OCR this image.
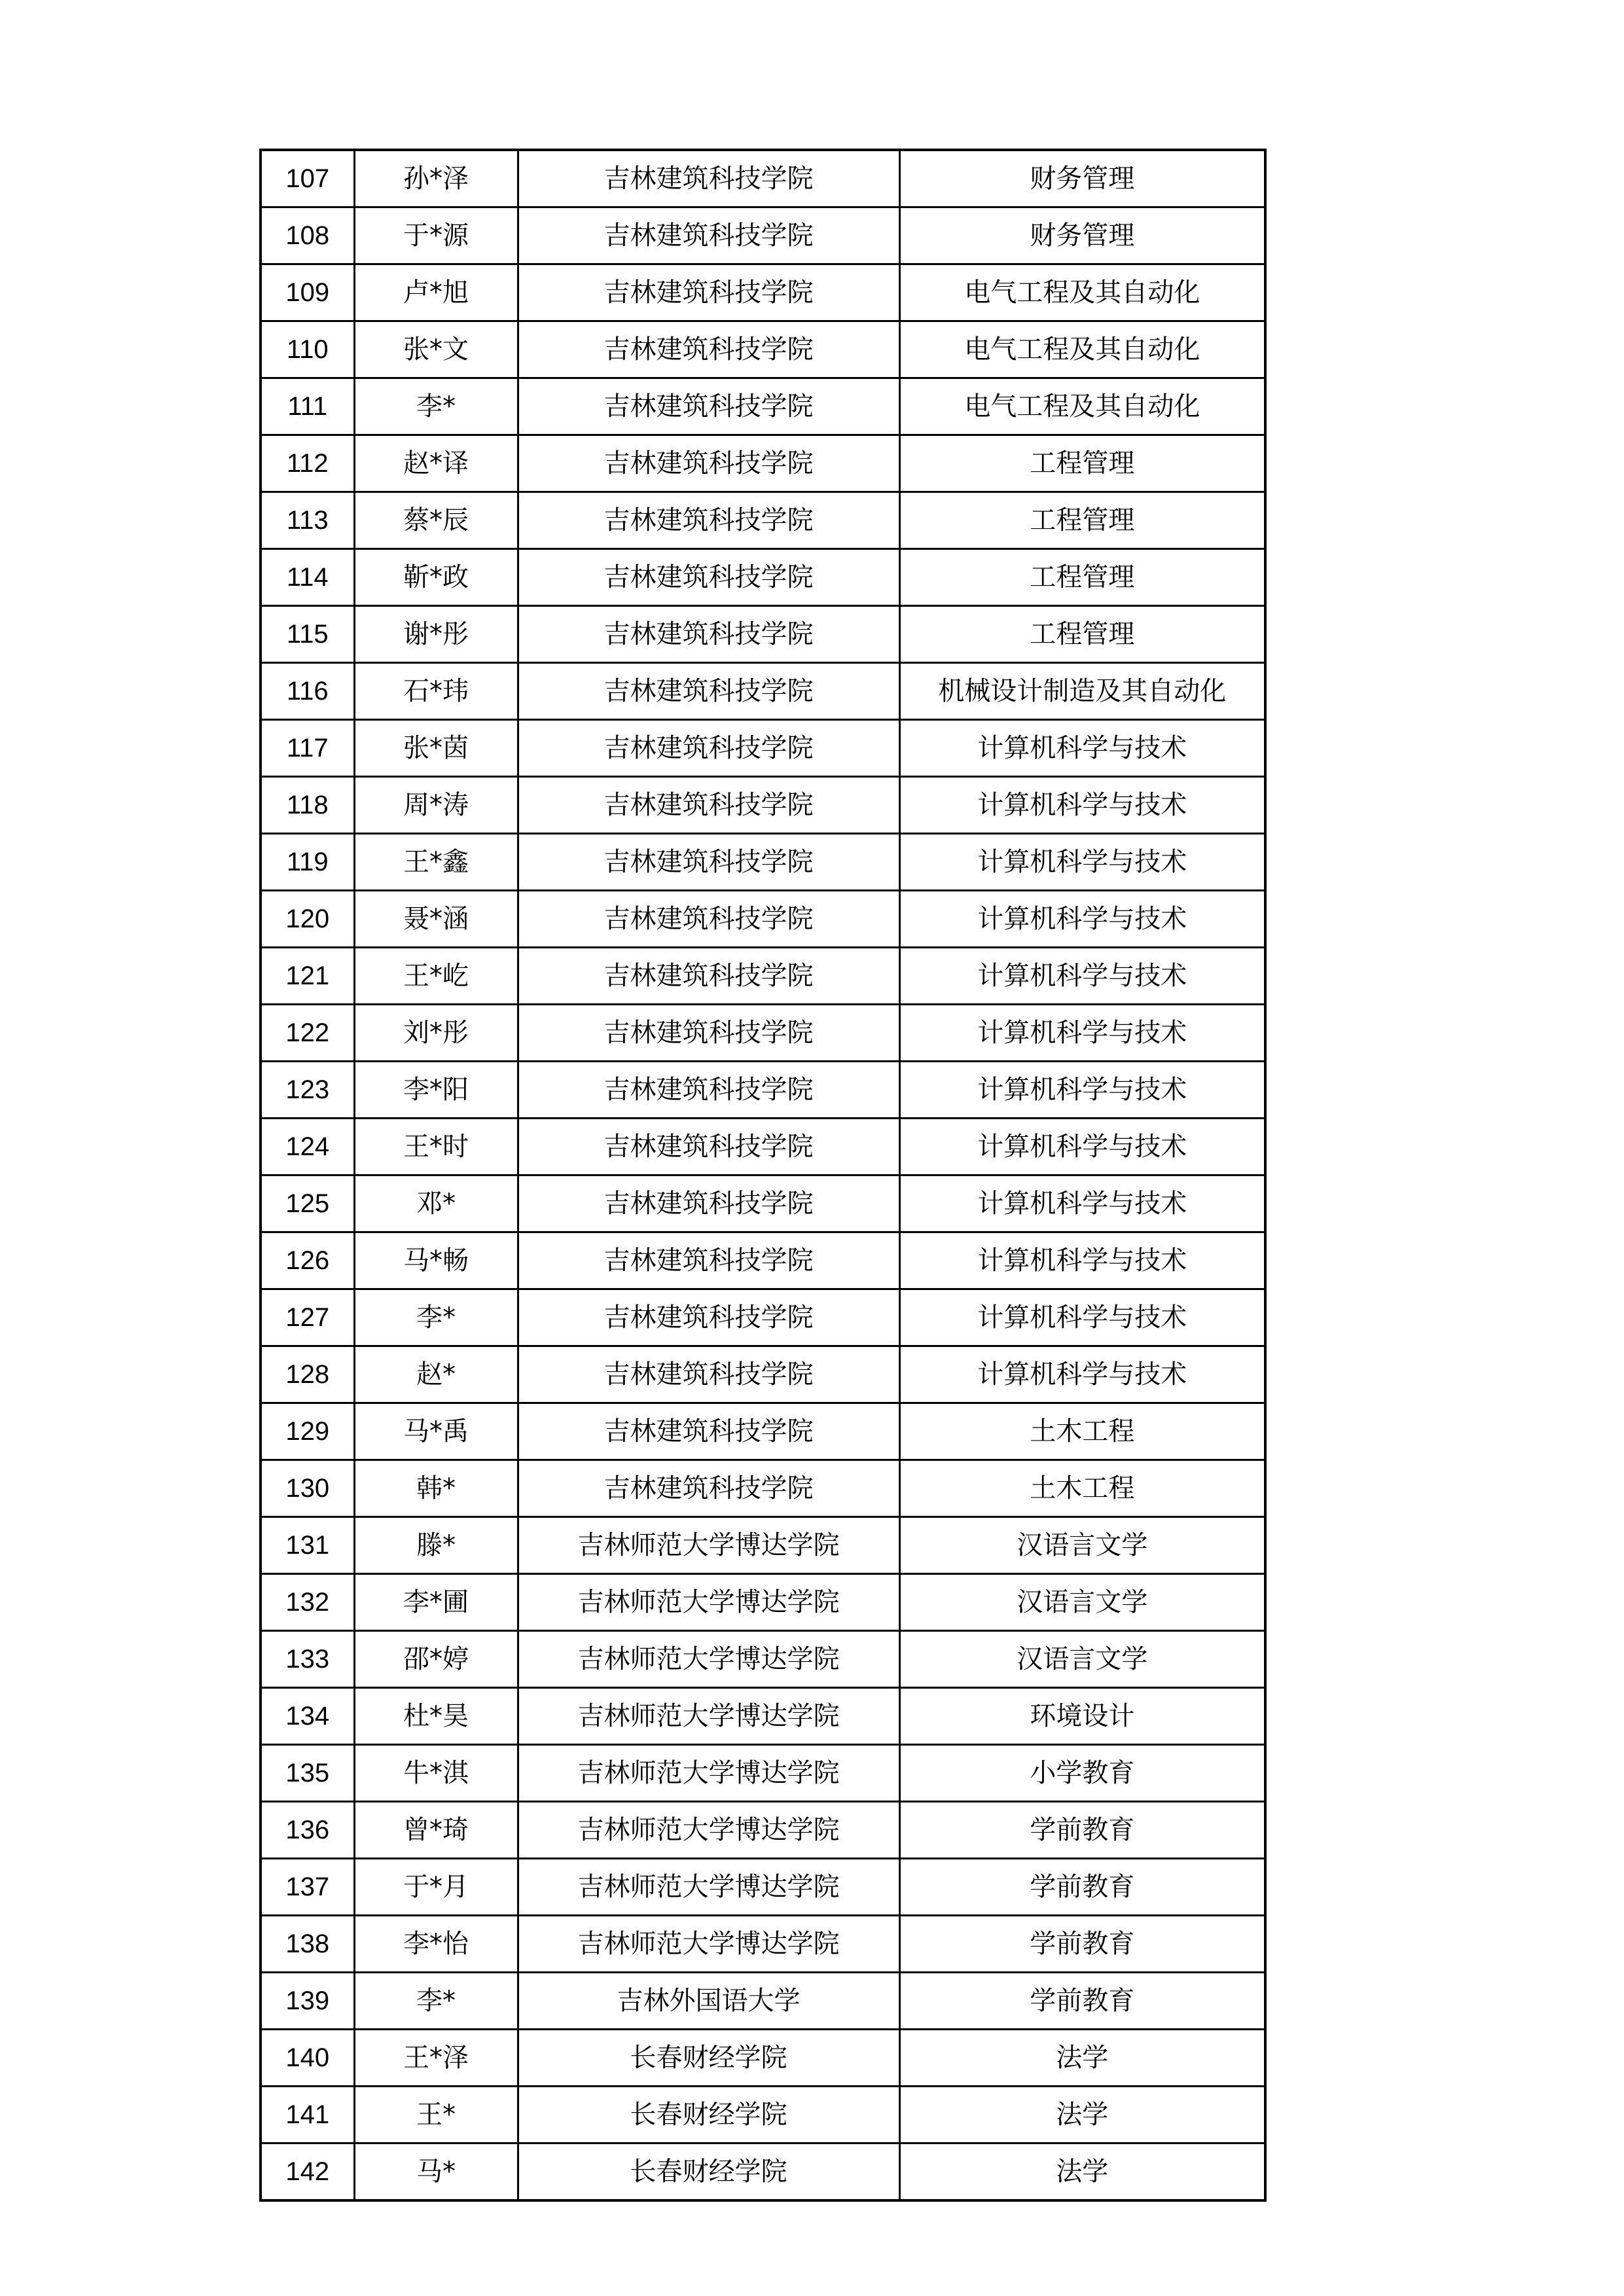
107	孙*泽	吉林建筑科技学院	财务管理
108	于*源	吉林建筑科技学院	财务管理
109	卢*旭	吉林建筑科技学院	电气工程及其自动化
110	张*文	吉林建筑科技学院	电气工程及其自动化
111	李*	吉林建筑科技学院	电气工程及其自动化
112	赵*译	吉林建筑科技学院	工程管理
113	蔡*辰	吉林建筑科技学院	工程管理
114	靳*政	吉林建筑科技学院	工程管理
115	谢*彤	吉林建筑科技学院	工程管理
116	石*玮	吉林建筑科技学院	机械设计制造及其自动化
117	张*茵	吉林建筑科技学院	计算机科学与技术
118	周*涛	吉林建筑科技学院	计算机科学与技术
119	王*鑫	吉林建筑科技学院	计算机科学与技术
120	聂*涵	吉林建筑科技学院	计算机科学与技术
121	王*屹	吉林建筑科技学院	计算机科学与技术
122	刘*彤	吉林建筑科技学院	计算机科学与技术
123	李*阳	吉林建筑科技学院	计算机科学与技术
124	王*时	吉林建筑科技学院	计算机科学与技术
125	邓*	吉林建筑科技学院	计算机科学与技术
126	马*畅	吉林建筑科技学院	计算机科学与技术
127	李*	吉林建筑科技学院	计算机科学与技术
128	赵*	吉林建筑科技学院	计算机科学与技术
129	马*禹	吉林建筑科技学院	土木工程
130	韩*	吉林建筑科技学院	土木工程
131	滕*	吉林师范大学博达学院	汉语言文学
132	李*圃	吉林师范大学博达学院	汉语言文学
133	邵*婷	吉林师范大学博达学院	汉语言文学
134	杜*昊	吉林师范大学博达学院	环境设计
135	牛*淇	吉林师范大学博达学院	小学教育
136	曾*琦	吉林师范大学博达学院	学前教育
137	于*月	吉林师范大学博达学院	学前教育
138	李*怡	吉林师范大学博达学院	学前教育
139	李*	吉林外国语大学	学前教育
140	王*泽	长春财经学院	法学
141	王*	长春财经学院	法学
142	马*	长春财经学院	法学
